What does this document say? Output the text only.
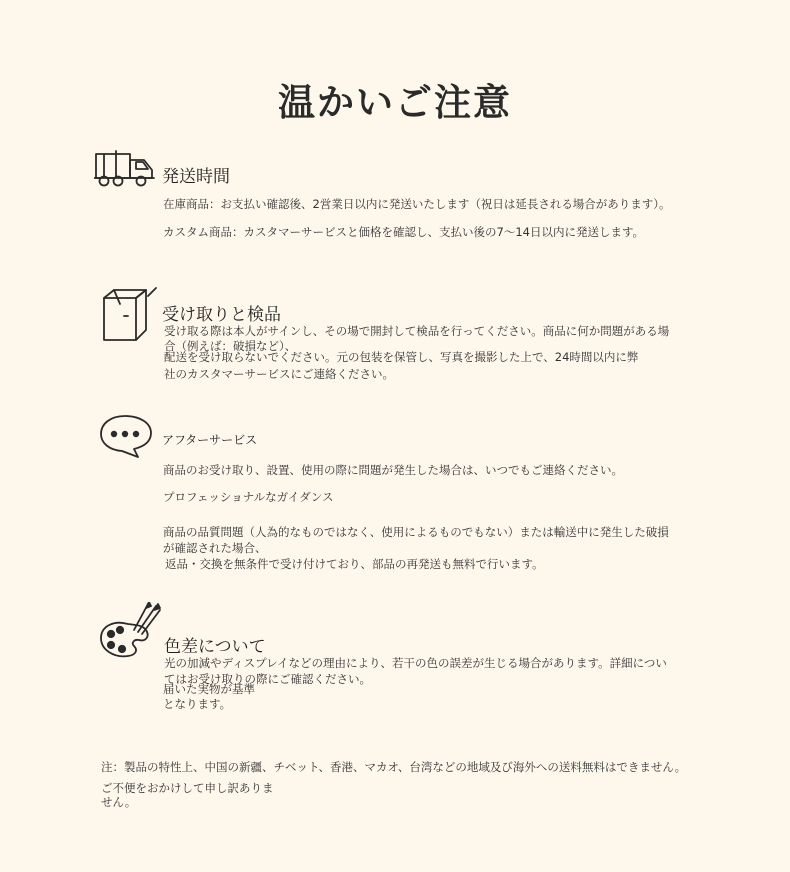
温かいご注意
発送時間
在庫商品：お支払い確認後、2営業日以内に発送いたします（祝日は延長される場合があります）。
カスタム商品：カスタマーサービスと価格を確認し、支払い後の7〜14日以内に発送します。
受け取りと検品
受け取る際は本人がサインし、その場で開封して検品を行ってください。商品に何か問題がある場
合（例えば：破損など）、
配送を受け取らないでください。元の包装を保管し、写真を撮影した上で、24時間以内に弊
社のカスタマーサービスにご連絡ください。
アフターサービス
商品のお受け取り、設置、使用の際に問題が発生した場合は、いつでもご連絡ください。
プロフェッショナルなガイダンス
商品の品質問題（人為的なものではなく、使用によるものでもない）または輸送中に発生した破損
が確認された場合、
返品・交換を無条件で受け付けており、部品の再発送も無料で行います。
色差について
光の加減やディスプレイなどの理由により、若干の色の誤差が生じる場合があります。詳細につい
てはお受け取りの際にご確認ください。
届いた実物が基準
となります。
注：製品の特性上、中国の新疆、チベット、香港、マカオ、台湾などの地域及び海外への送料無料はできません。
ご不便をおかけして申し訳ありま
せん。
